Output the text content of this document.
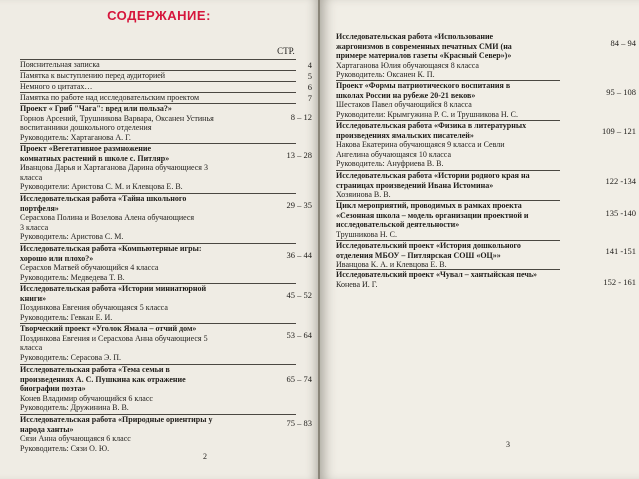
СОДЕРЖАНИЕ:
СТР.
Пояснительная записка	4
Памятка к выступлению перед аудиторией	5
Немного о цитатах…	6
Памятка по работе над исследовательским проектом	7
Проект « Гриб "Чага": вред или польза?»
Горнов Арсений, Трушникова Варвара, Оксанен Устинья
воспитанники дошкольного отделения
Руководитель: Хартаганова А. Г.
8 – 12
Проект «Вегетативное размножение
комнатных растений в школе с. Питляр»
Иванцова Дарья и Хартаганова Дарина обучающиеся 3
класса
Руководители: Аристова С. М. и Клевцова Е. В.
13 – 28
Исследовательская работа «Тайна школьного
портфеля»
Серасхова Полина и Возелова Алена обучающиеся
3 класса
Руководитель: Аристова С. М.
29 – 35
Исследовательская работа «Компьютерные игры:
хорошо или плохо?»
Серасхов Матвей обучающийся 4 класса
Руководитель: Медведева Т. В.
36 – 44
Исследовательская работа «Истории миниатюрной
книги»
Поздинкова Евгения обучающаяся 5 класса
Руководитель: Гевкан Е. И.
45 – 52
Творческий проект «Уголок Ямала – отчий дом»
Поздинкова Евгения и Серасхова Анна обучающиеся 5
класса
Руководитель: Серасова Э. П.
53 – 64
Исследовательская работа «Тема семьи в
произведениях А. С. Пушкина как отражение
биографии поэта»
Конев Владимир обучающийся 6 класс
Руководитель: Дружинина В. В.
65 – 74
Исследовательская работа «Природные ориентиры у
народа ханты»
Сязи Анна обучающаяся 6 класс
Руководитель: Сязи О. Ю.
75 – 83
2
Исследовательская работа «Использование
жаргонизмов в современных печатных СМИ (на
примере материалов газеты «Красный Север»)»
Хартаганова Юлия обучающаяся 8 класса
Руководитель: Оксанен К. П.
84 – 94
Проект «Формы патриотического воспитания в
школах России на рубеже 20-21 веков»
Шестаков Павел обучающийся 8 класса
Руководители: Крымгужина Р. С. и Трушникова Н. С.
95 – 108
Исследовательская работа «Физика в литературных
произведениях ямальских писателей»
Накова Екатерина обучающаяся 9 класса и Севли
Ангелина обучающаяся 10 класса
Руководитель: Ануфриева В. В.
109 – 121
Исследовательская работа «Истории родного края на
страницах произведений Ивана Истомина»
Хозяинова В. В.
122 -134
Цикл мероприятий, проводимых в рамках проекта
«Сезонная школа – модель организации проектной и
исследовательской деятельности»
Трушникова Н. С.
135 -140
Исследовательский проект «История дошкольного
отделения МБОУ – Питлярская СОШ «ОЦ»»
Иванцова К. А. и Клевцова Е. В.
141 -151
Исследовательский проект «Чувал – хантыйская печь»
Конева И. Г.	152 - 161
3
